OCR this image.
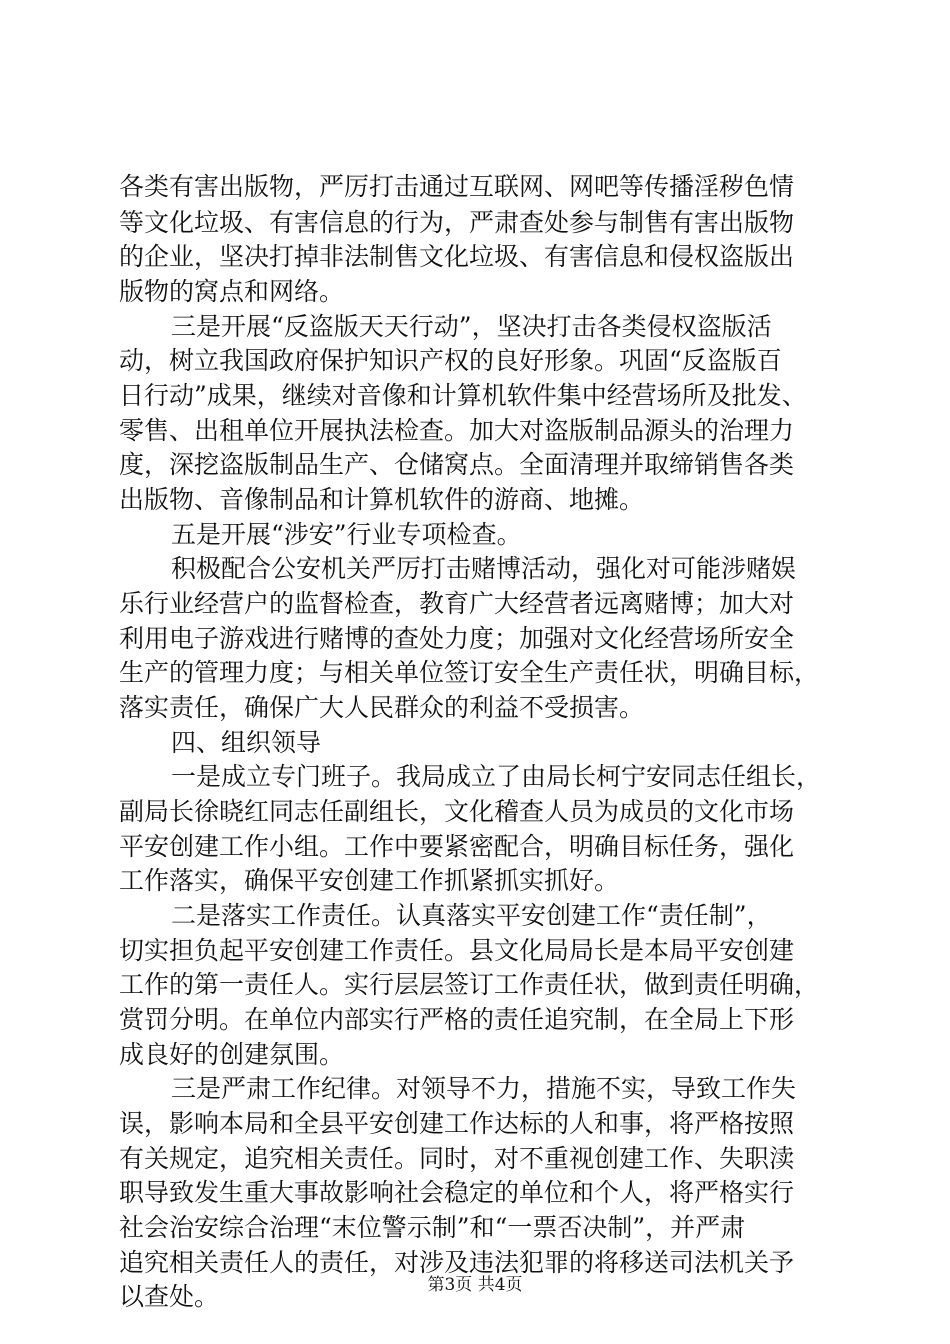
各类有害出版物，严厉打击通过互联网、网吧等传播淫秽色情
等文化垃圾、有害信息的行为，严肃查处参与制售有害出版物
的企业，坚决打掉非法制售文化垃圾、有害信息和侵权盗版出
版物的窝点和网络。
三是开展“反盗版天天行动”，坚决打击各类侵权盗版活
动，树立我国政府保护知识产权的良好形象。巩固“反盗版百
日行动”成果，继续对音像和计算机软件集中经营场所及批发、
零售、出租单位开展执法检查。加大对盗版制品源头的治理力
度，深挖盗版制品生产、仓储窝点。全面清理并取缔销售各类
出版物、音像制品和计算机软件的游商、地摊。
五是开展“涉安”行业专项检查。
积极配合公安机关严厉打击赌博活动，强化对可能涉赌娱
乐行业经营户的监督检查，教育广大经营者远离赌博；加大对
利用电子游戏进行赌博的查处力度；加强对文化经营场所安全
生产的管理力度；与相关单位签订安全生产责任状，明确目标，
落实责任，确保广大人民群众的利益不受损害。
四、组织领导
一是成立专门班子。我局成立了由局长柯宁安同志任组长，
副局长徐晓红同志任副组长，文化稽查人员为成员的文化市场
平安创建工作小组。工作中要紧密配合，明确目标任务，强化
工作落实，确保平安创建工作抓紧抓实抓好。
二是落实工作责任。认真落实平安创建工作“责任制”，
切实担负起平安创建工作责任。县文化局局长是本局平安创建
工作的第一责任人。实行层层签订工作责任状，做到责任明确，
赏罚分明。在单位内部实行严格的责任追究制，在全局上下形
成良好的创建氛围。
三是严肃工作纪律。对领导不力，措施不实，导致工作失
误，影响本局和全县平安创建工作达标的人和事，将严格按照
有关规定，追究相关责任。同时，对不重视创建工作、失职渎
职导致发生重大事故影响社会稳定的单位和个人，将严格实行
社会治安综合治理“末位警示制”和“一票否决制”，并严肃
追究相关责任人的责任，对涉及违法犯罪的将移送司法机关予
以查处。	第3页 共4页
